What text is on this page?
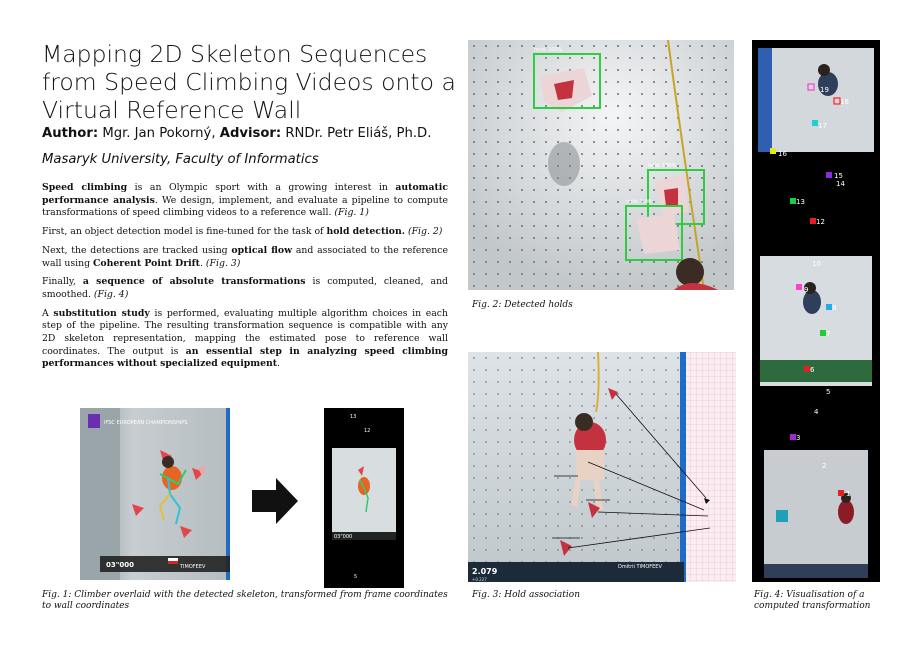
Mapping 2D Skeleton Sequences from Speed Climbing Videos onto a Virtual Reference Wall
Author: Mgr. Jan Pokorný, Advisor: RNDr. Petr Eliáš, Ph.D.
Masaryk University, Faculty of Informatics

Speed climbing is an Olympic sport with a growing interest in automatic performance analysis. We design, implement, and evaluate a pipeline to compute transformations of speed climbing videos to a reference wall. (Fig. 1)

First, an object detection model is fine-tuned for the task of hold detection. (Fig. 2)

Next, the detections are tracked using optical flow and associated to the reference wall using Coherent Point Drift. (Fig. 3)

Finally, a sequence of absolute transformations is computed, cleaned, and smoothed. (Fig. 4)

A substitution study is performed, evaluating multiple algorithm choices in each step of the pipeline. The resulting transformation sequence is compatible with any 2D skeleton representation, mapping the estimated pose to reference wall coordinates. The output is an essential step in analyzing speed climbing performances without specialized equipment.

IFSC EUROPEAN CHAMPIONSHIPS
03"000	TIMOFEEV
03"000
13
12
5
Fig. 1: Climber overlaid with the detected skeleton, transformed from frame coordinates to wall coordinates
hold: 100%
hold: 100%
hold: 1.00
Fig. 2: Detected holds
2.079
+0.227
Dmitrii TIMOFEEV
Fig. 3: Hold association
19
18
17
16
15
14
13
12
10
9
8
7
6
5
4
3
2
1
Fig. 4: Visualisation of a
computed transformation
